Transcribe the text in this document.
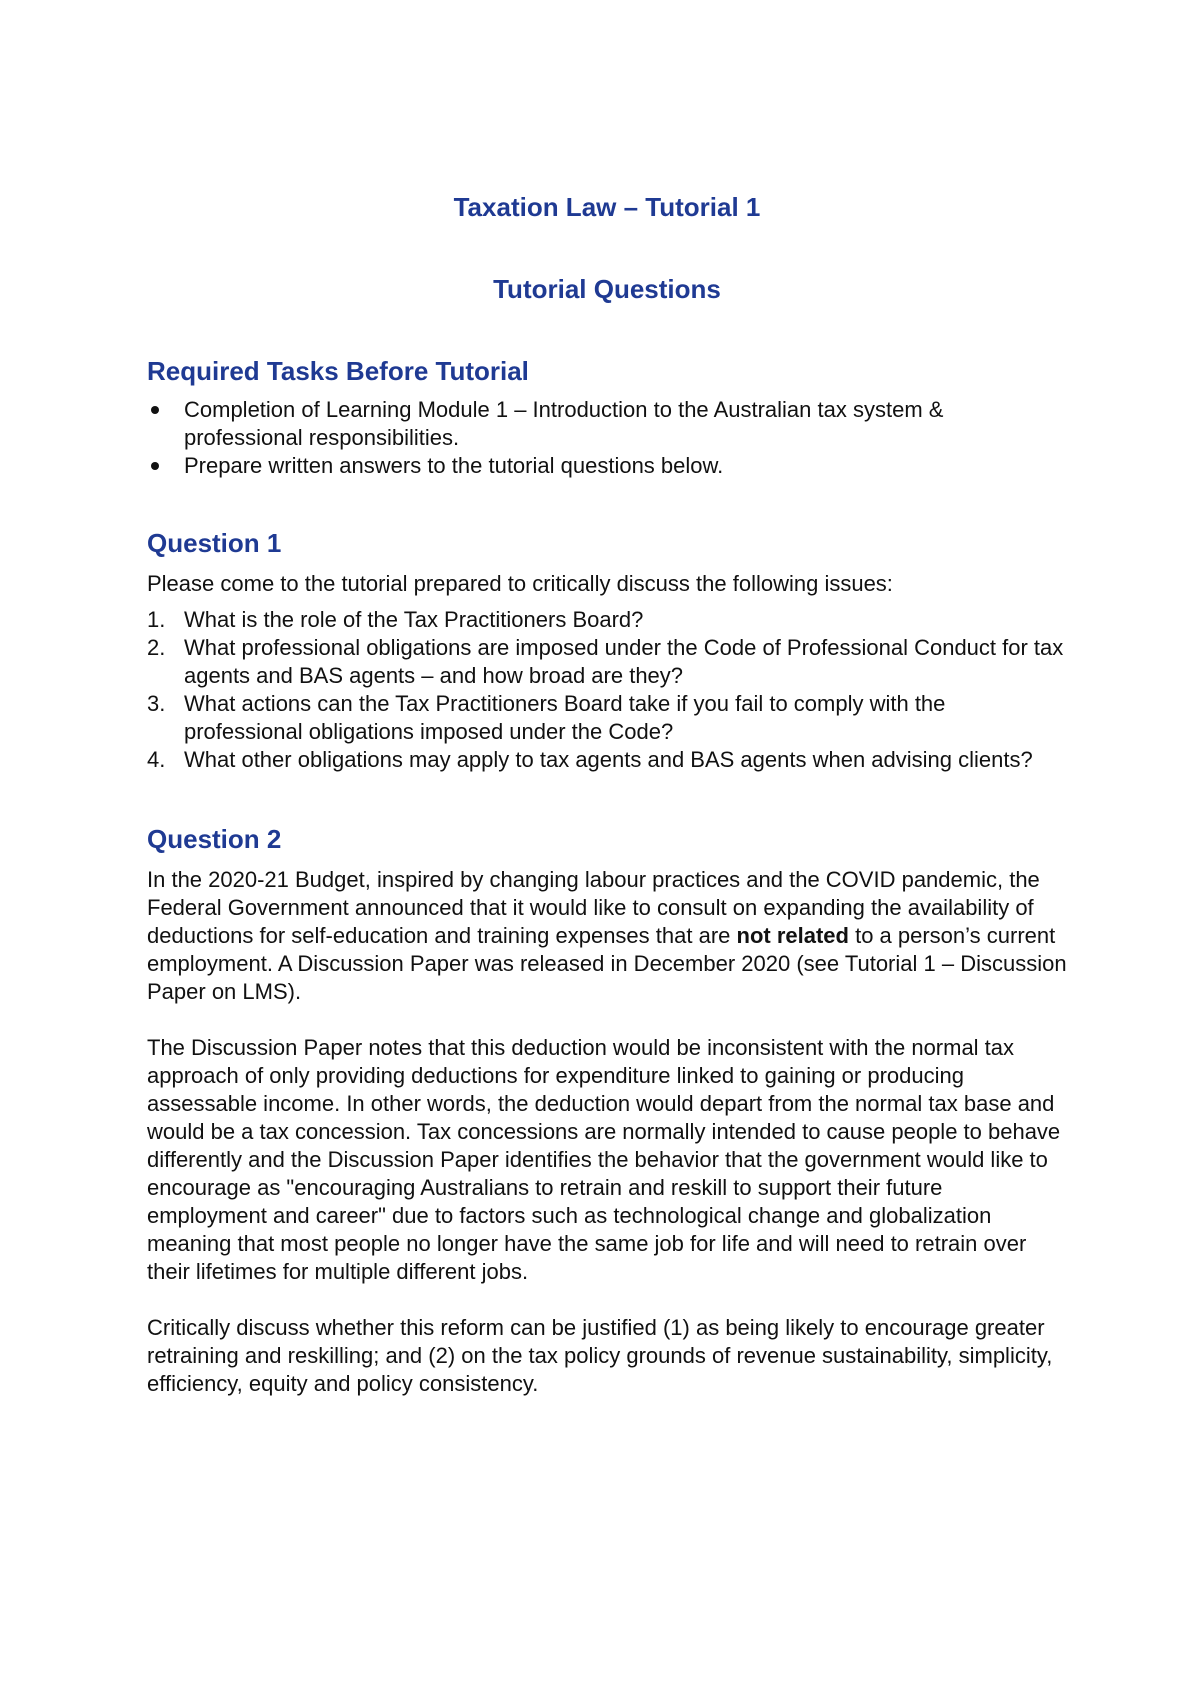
Taxation Law – Tutorial 1
Tutorial Questions
Required Tasks Before Tutorial
Completion of Learning Module 1 – Introduction to the Australian tax system & professional responsibilities.
Prepare written answers to the tutorial questions below.
Question 1

Please come to the tutorial prepared to critically discuss the following issues:

1. What is the role of the Tax Practitioners Board?
2. What professional obligations are imposed under the Code of Professional Conduct for tax agents and BAS agents – and how broad are they?
3. What actions can the Tax Practitioners Board take if you fail to comply with the professional obligations imposed under the Code?
4. What other obligations may apply to tax agents and BAS agents when advising clients?
Question 2

In the 2020-21 Budget, inspired by changing labour practices and the COVID pandemic, the Federal Government announced that it would like to consult on expanding the availability of deductions for self-education and training expenses that are not related to a person’s current employment. A Discussion Paper was released in December 2020 (see Tutorial 1 – Discussion Paper on LMS).

The Discussion Paper notes that this deduction would be inconsistent with the normal tax approach of only providing deductions for expenditure linked to gaining or producing assessable income. In other words, the deduction would depart from the normal tax base and would be a tax concession. Tax concessions are normally intended to cause people to behave differently and the Discussion Paper identifies the behavior that the government would like to encourage as "encouraging Australians to retrain and reskill to support their future employment and career" due to factors such as technological change and globalization meaning that most people no longer have the same job for life and will need to retrain over their lifetimes for multiple different jobs.

Critically discuss whether this reform can be justified (1) as being likely to encourage greater retraining and reskilling; and (2) on the tax policy grounds of revenue sustainability, simplicity, efficiency, equity and policy consistency.
